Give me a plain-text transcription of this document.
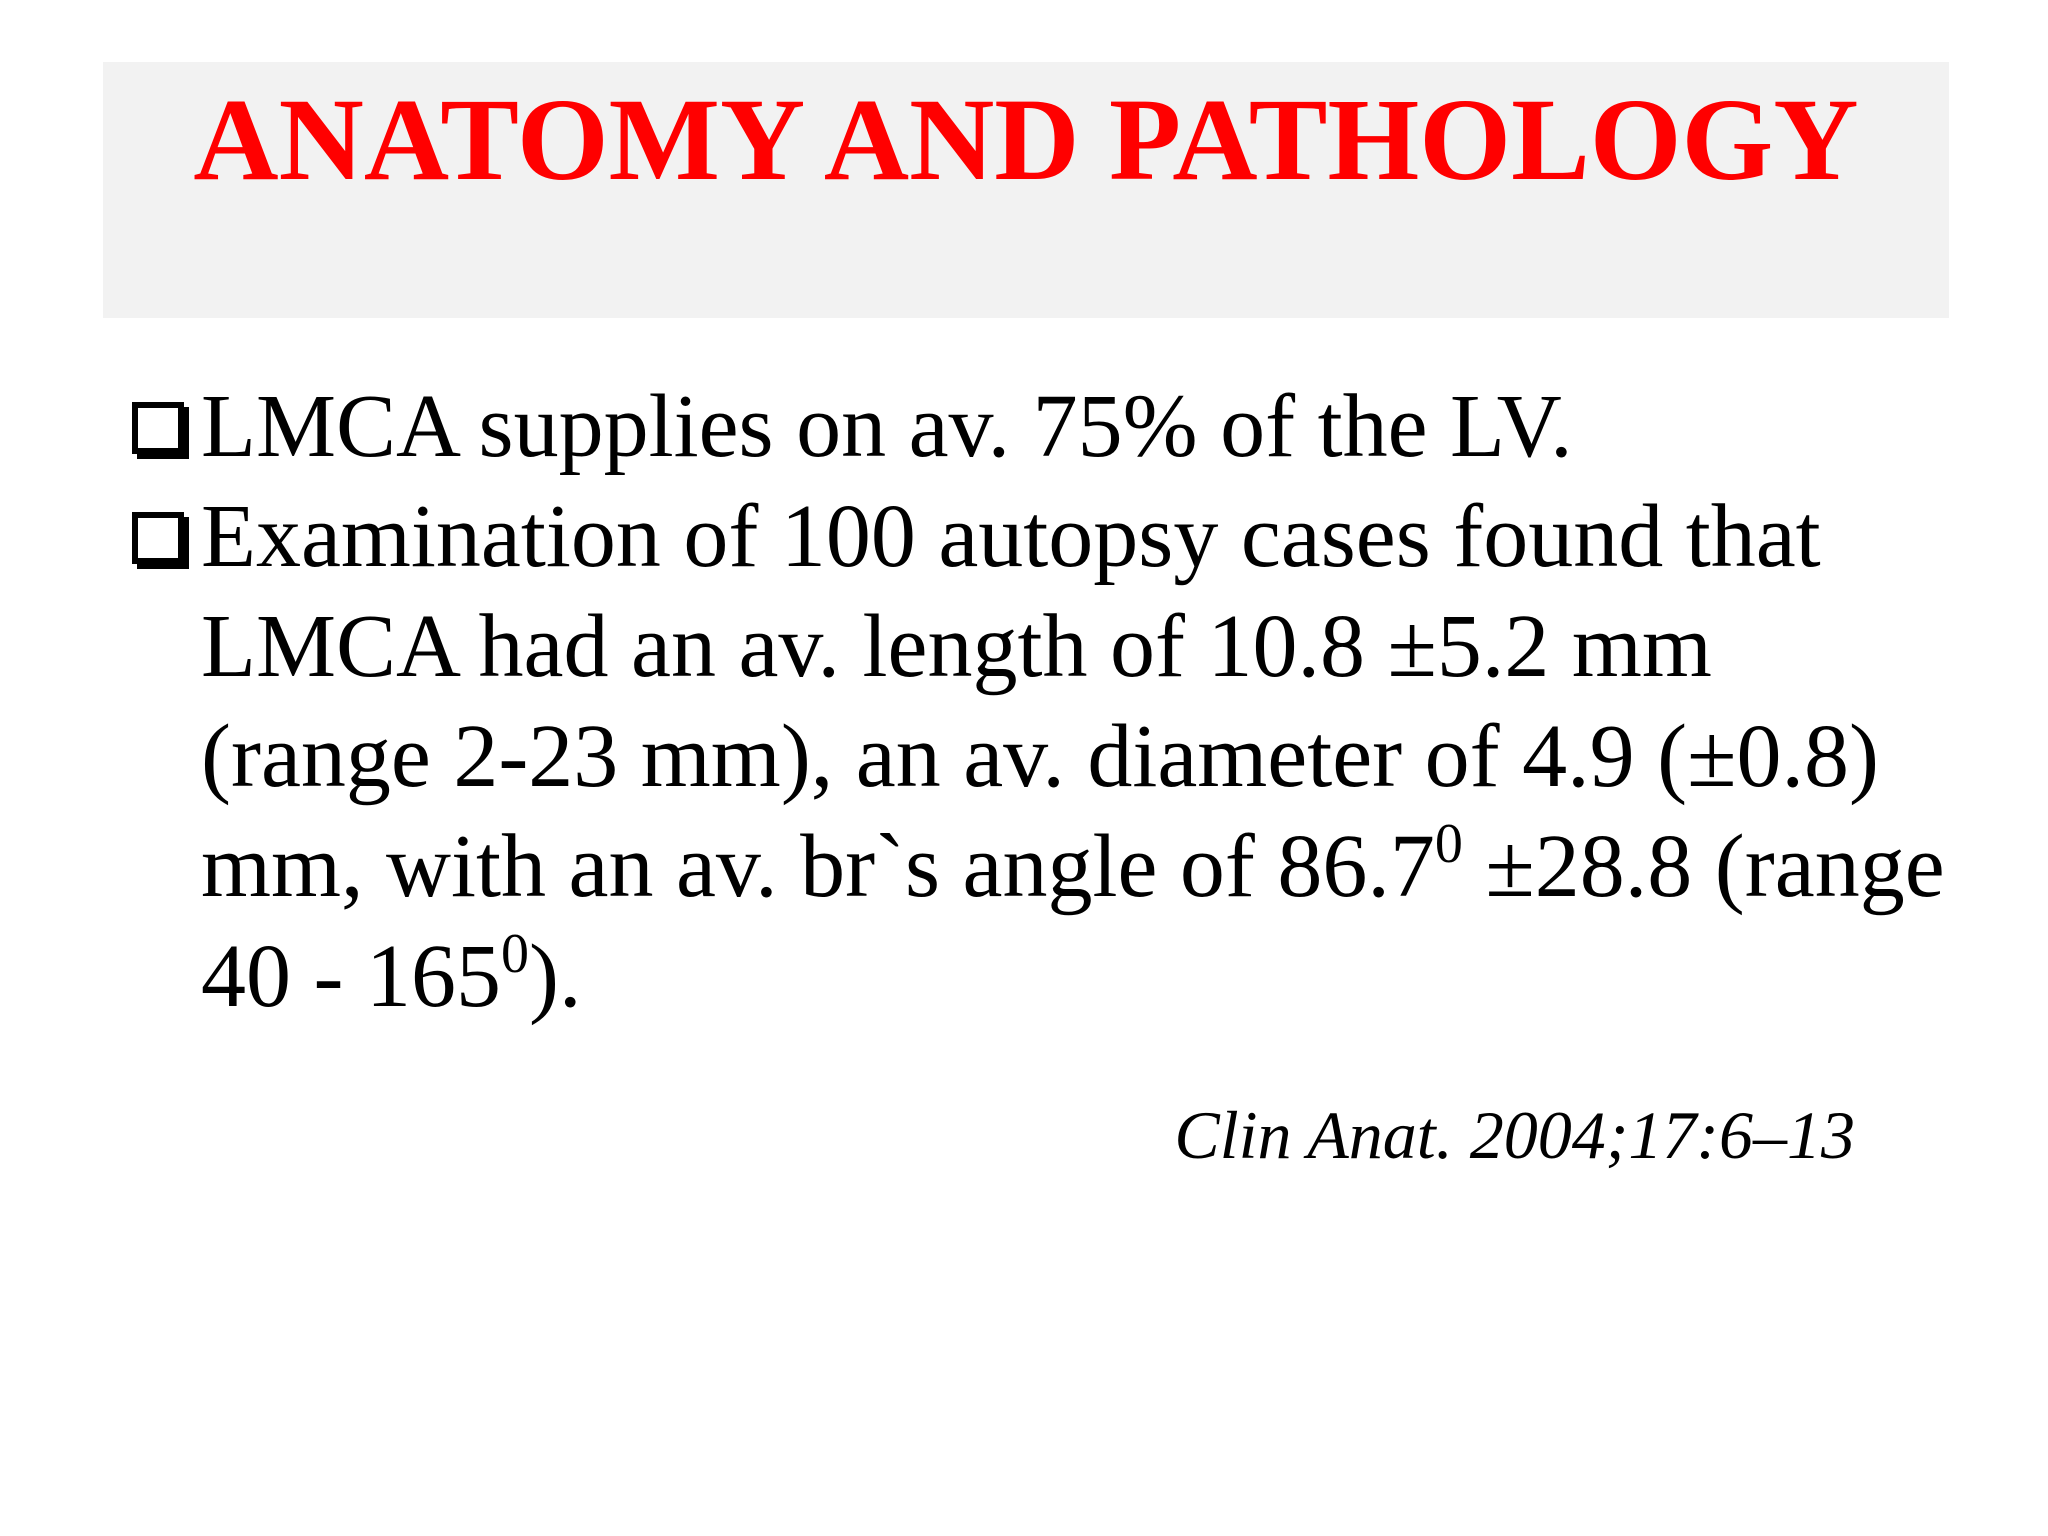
ANATOMY AND PATHOLOGY
LMCA supplies on av. 75% of the LV.
Examination of 100 autopsy cases found that LMCA had an av. length of 10.8 ±5.2 mm (range 2-23 mm), an av. diameter of 4.9 (±0.8) mm, with an av. br`s angle of $86.7^0 \pm 28.8$ (range $40 - 165^0$).

Clin Anat. 2004;17:6–13
